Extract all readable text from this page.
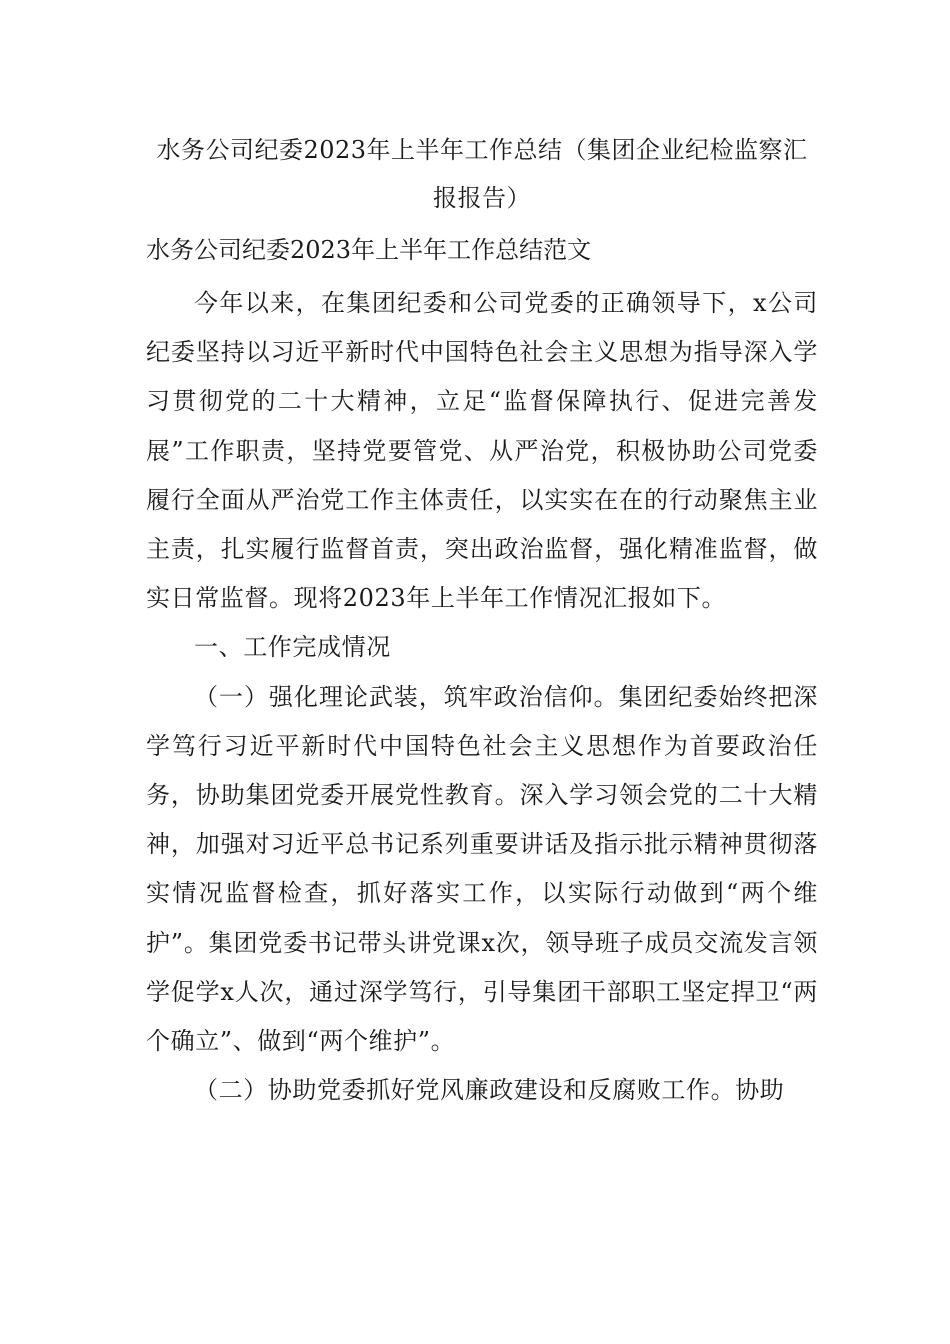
水务公司纪委2023年上半年工作总结（集团企业纪检监察汇报报告）
水务公司纪委2023年上半年工作总结范文

今年以来，在集团纪委和公司党委的正确领导下，x公司纪委坚持以习近平新时代中国特色社会主义思想为指导深入学习贯彻党的二十大精神，立足“监督保障执行、促进完善发展”工作职责，坚持党要管党、从严治党，积极协助公司党委履行全面从严治党工作主体责任，以实实在在的行动聚焦主业主责，扎实履行监督首责，突出政治监督，强化精准监督，做实日常监督。现将2023年上半年工作情况汇报如下。

一、工作完成情况

（一）强化理论武装，筑牢政治信仰。集团纪委始终把深学笃行习近平新时代中国特色社会主义思想作为首要政治任务，协助集团党委开展党性教育。深入学习领会党的二十大精神，加强对习近平总书记系列重要讲话及指示批示精神贯彻落实情况监督检查，抓好落实工作，以实际行动做到“两个维护”。集团党委书记带头讲党课x次，领导班子成员交流发言领学促学x人次，通过深学笃行，引导集团干部职工坚定捍卫“两个确立”、做到“两个维护”。

（二）协助党委抓好党风廉政建设和反腐败工作。协助
